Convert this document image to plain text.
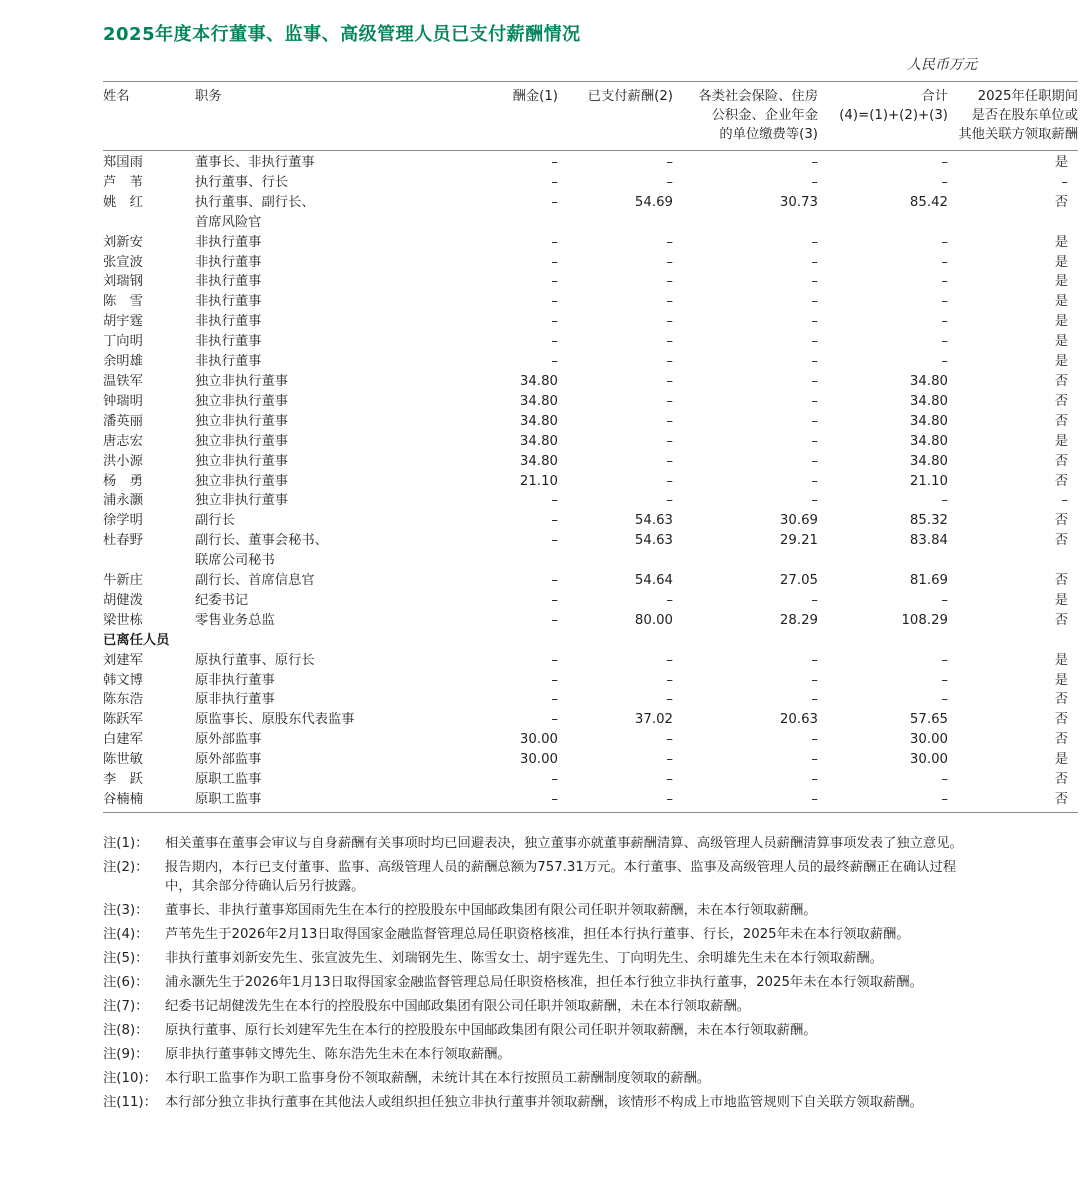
2025年度本行董事、监事、高级管理人员已支付薪酬情况
人民币万元
姓名	职务	酬金(1)	已支付薪酬(2)	各类社会保险、住房
公积金、企业年金
的单位缴费等(3)	合计
(4)=(1)+(2)+(3)	2025年任职期间
是否在股东单位或
其他关联方领取薪酬
郑国雨	董事长、非执行董事	–	–	–	–	是
芦　苇	执行董事、行长	–	–	–	–	–
姚　红	执行董事、副行长、
首席风险官	–	54.69	30.73	85.42	否
刘新安	非执行董事	–	–	–	–	是
张宣波	非执行董事	–	–	–	–	是
刘瑞钢	非执行董事	–	–	–	–	是
陈　雪	非执行董事	–	–	–	–	是
胡宇霆	非执行董事	–	–	–	–	是
丁向明	非执行董事	–	–	–	–	是
余明雄	非执行董事	–	–	–	–	是
温铁军	独立非执行董事	34.80	–	–	34.80	否
钟瑞明	独立非执行董事	34.80	–	–	34.80	否
潘英丽	独立非执行董事	34.80	–	–	34.80	否
唐志宏	独立非执行董事	34.80	–	–	34.80	是
洪小源	独立非执行董事	34.80	–	–	34.80	否
杨　勇	独立非执行董事	21.10	–	–	21.10	否
浦永灏	独立非执行董事	–	–	–	–	–
徐学明	副行长	–	54.63	30.69	85.32	否
杜春野	副行长、董事会秘书、
联席公司秘书	–	54.63	29.21	83.84	否
牛新庄	副行长、首席信息官	–	54.64	27.05	81.69	否
胡健泼	纪委书记	–	–	–	–	是
梁世栋	零售业务总监	–	80.00	28.29	108.29	否
已离任人员						
刘建军	原执行董事、原行长	–	–	–	–	是
韩文博	原非执行董事	–	–	–	–	是
陈东浩	原非执行董事	–	–	–	–	否
陈跃军	原监事长、原股东代表监事	–	37.02	20.63	57.65	否
白建军	原外部监事	30.00	–	–	30.00	否
陈世敏	原外部监事	30.00	–	–	30.00	是
李　跃	原职工监事	–	–	–	–	否
谷楠楠	原职工监事	–	–	–	–	否
注(1)：	相关董事在董事会审议与自身薪酬有关事项时均已回避表决，独立董事亦就董事薪酬清算、高级管理人员薪酬清算事项发表了独立意见。
注(2)：	报告期内，本行已支付董事、监事、高级管理人员的薪酬总额为757.31万元。本行董事、监事及高级管理人员的最终薪酬正在确认过程中，其余部分待确认后另行披露。
注(3)：	董事长、非执行董事郑国雨先生在本行的控股股东中国邮政集团有限公司任职并领取薪酬，未在本行领取薪酬。
注(4)：	芦苇先生于2026年2月13日取得国家金融监督管理总局任职资格核准，担任本行执行董事、行长，2025年未在本行领取薪酬。
注(5)：	非执行董事刘新安先生、张宣波先生、刘瑞钢先生、陈雪女士、胡宇霆先生、丁向明先生、余明雄先生未在本行领取薪酬。
注(6)：	浦永灏先生于2026年1月13日取得国家金融监督管理总局任职资格核准，担任本行独立非执行董事，2025年未在本行领取薪酬。
注(7)：	纪委书记胡健泼先生在本行的控股股东中国邮政集团有限公司任职并领取薪酬，未在本行领取薪酬。
注(8)：	原执行董事、原行长刘建军先生在本行的控股股东中国邮政集团有限公司任职并领取薪酬，未在本行领取薪酬。
注(9)：	原非执行董事韩文博先生、陈东浩先生未在本行领取薪酬。
注(10)： 本行职工监事作为职工监事身份不领取薪酬，未统计其在本行按照员工薪酬制度领取的薪酬。
注(11)： 本行部分独立非执行董事在其他法人或组织担任独立非执行董事并领取薪酬，该情形不构成上市地监管规则下自关联方领取薪酬。
